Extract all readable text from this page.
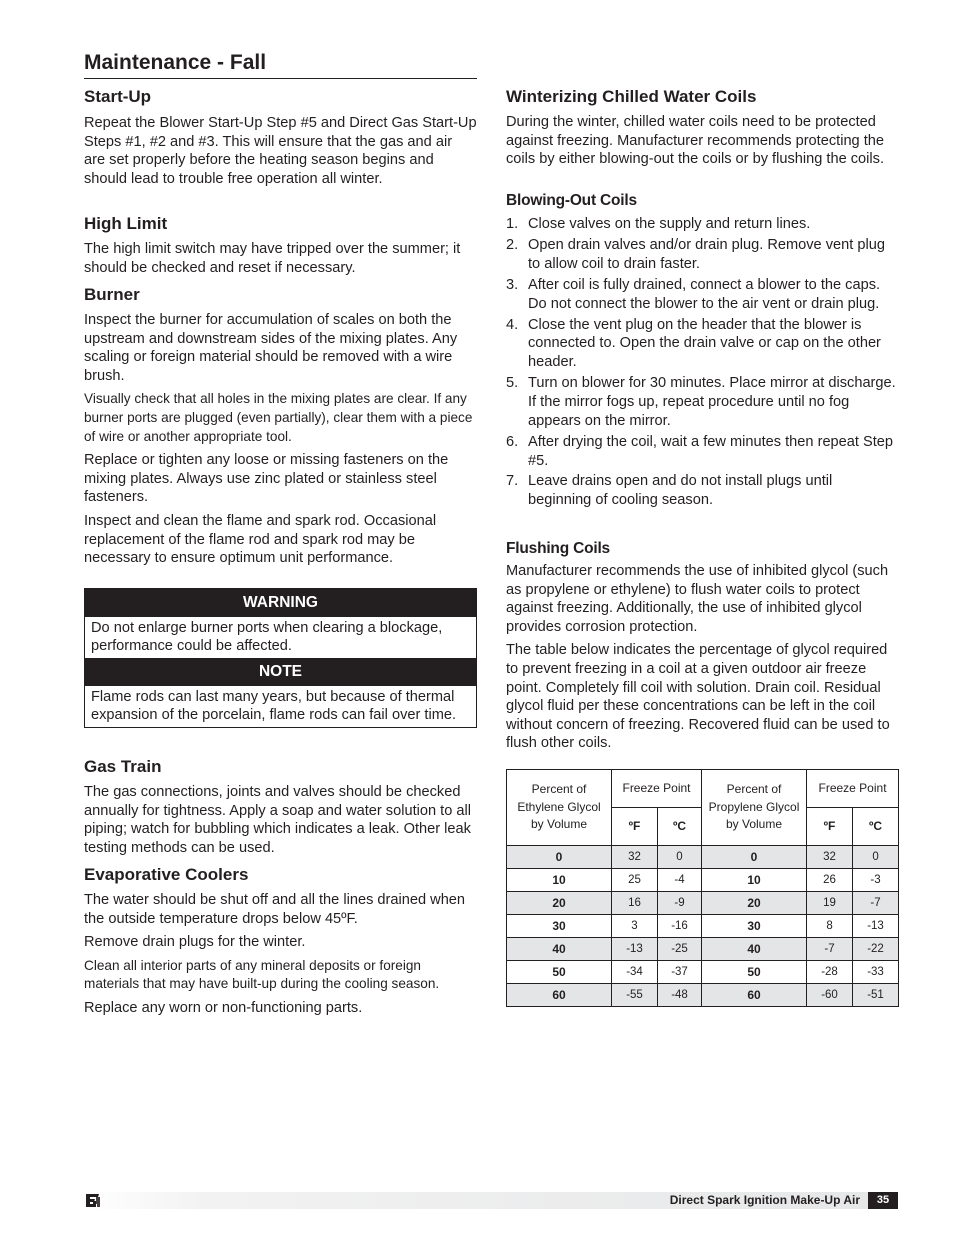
Maintenance - Fall
Start-Up

Repeat the Blower Start-Up Step #5 and Direct Gas Start-Up Steps #1, #2 and #3. This will ensure that the gas and air are set properly before the heating season begins and should lead to trouble free operation all winter.

High Limit

The high limit switch may have tripped over the summer; it should be checked and reset if necessary.

Burner

Inspect the burner for accumulation of scales on both the upstream and downstream sides of the mixing plates. Any scaling or foreign material should be removed with a wire brush.

Visually check that all holes in the mixing plates are clear. If any burner ports are plugged (even partially), clear them with a piece of wire or another appropriate tool.

Replace or tighten any loose or missing fasteners on the mixing plates. Always use zinc plated or stainless steel fasteners.

Inspect and clean the flame and spark rod. Occasional replacement of the flame rod and spark rod may be necessary to ensure optimum unit performance.

WARNING
Do not enlarge burner ports when clearing a blockage, performance could be affected.
NOTE
Flame rods can last many years, but because of thermal expansion of the porcelain, flame rods can fail over time.
Gas Train

The gas connections, joints and valves should be checked annually for tightness. Apply a soap and water solution to all piping; watch for bubbling which indicates a leak. Other leak testing methods can be used.

Evaporative Coolers

The water should be shut off and all the lines drained when the outside temperature drops below 45ºF.

Remove drain plugs for the winter.

Clean all interior parts of any mineral deposits or foreign materials that may have built-up during the cooling season.

Replace any worn or non-functioning parts.

Winterizing Chilled Water Coils

During the winter, chilled water coils need to be protected against freezing. Manufacturer recommends protecting the coils by either blowing-out the coils or by flushing the coils.

Blowing-Out Coils
1. Close valves on the supply and return lines.
2. Open drain valves and/or drain plug. Remove vent plug to allow coil to drain faster.
3. After coil is fully drained, connect a blower to the caps. Do not connect the blower to the air vent or drain plug.
4. Close the vent plug on the header that the blower is connected to. Open the drain valve or cap on the other header.
5. Turn on blower for 30 minutes. Place mirror at discharge. If the mirror fogs up, repeat procedure until no fog appears on the mirror.
6. After drying the coil, wait a few minutes then repeat Step #5.
7. Leave drains open and do not install plugs until beginning of cooling season.
Flushing Coils

Manufacturer recommends the use of inhibited glycol (such as propylene or ethylene) to flush water coils to protect against freezing. Additionally, the use of inhibited glycol provides corrosion protection.

The table below indicates the percentage of glycol required to prevent freezing in a coil at a given outdoor air freeze point. Completely fill coil with solution. Drain coil. Residual glycol fluid per these concentrations can be left in the coil without concern of freezing. Recovered fluid can be used to flush other coils.

Percent of Ethylene Glycol by Volume	Freeze Point		Percent of Propylene Glycol by Volume	Freeze Point	
	ºF	ºC		ºF	ºC
0	32	0	0	32	0
10	25	-4	10	26	-3
20	16	-9	20	19	-7
30	3	-16	30	8	-13
40	-13	-25	40	-7	-22
50	-34	-37	50	-28	-33
60	-55	-48	60	-60	-51
Direct Spark Ignition Make-Up Air	35
